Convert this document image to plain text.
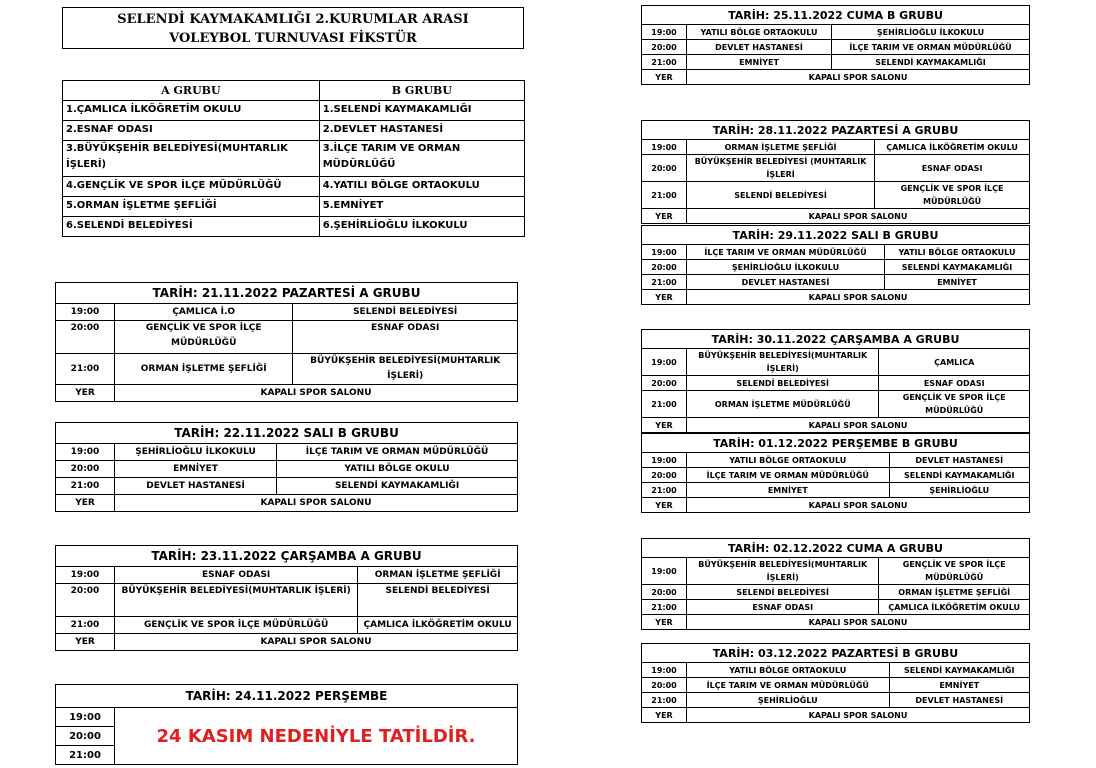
SELENDİ KAYMAKAMLIĞI 2.KURUMLAR ARASI
VOLEYBOL TURNUVASI FİKSTÜR
A GRUBU	B GRUBU
1.ÇAMLICA İLKÖĞRETİM OKULU	1.SELENDİ KAYMAKAMLIĞI
2.ESNAF ODASI	2.DEVLET HASTANESİ
3.BÜYÜKŞEHİR BELEDİYESİ(MUHTARLIK İŞLERİ)	3.İLÇE TARIM VE ORMAN MÜDÜRLÜĞÜ
4.GENÇLİK VE SPOR İLÇE MÜDÜRLÜĞÜ	4.YATILI BÖLGE ORTAOKULU
5.ORMAN İŞLETME ŞEFLİĞİ	5.EMNİYET
6.SELENDİ BELEDİYESİ	6.ŞEHİRLİOĞLU İLKOKULU
TARİH: 21.11.2022 PAZARTESİ A GRUBU		
19:00	ÇAMLICA İ.O	SELENDİ BELEDİYESİ
20:00	GENÇLİK VE SPOR İLÇE MÜDÜRLÜĞÜ	ESNAF ODASI
21:00	ORMAN İŞLETME ŞEFLİĞİ	BÜYÜKŞEHİR BELEDİYESİ(MUHTARLIK İŞLERİ)
YER	KAPALI SPOR SALONU	
TARİH: 22.11.2022 SALI B GRUBU		
19:00	ŞEHİRLİOĞLU İLKOKULU	İLÇE TARIM VE ORMAN MÜDÜRLÜĞÜ
20:00	EMNİYET	YATILI BÖLGE OKULU
21:00	DEVLET HASTANESİ	SELENDİ KAYMAKAMLIĞI
YER	KAPALI SPOR SALONU	
TARİH: 23.11.2022 ÇARŞAMBA A GRUBU		
19:00	ESNAF ODASI	ORMAN İŞLETME ŞEFLİĞİ
20:00	BÜYÜKŞEHİR BELEDİYESİ(MUHTARLIK İŞLERİ)	SELENDİ BELEDİYESİ
21:00	GENÇLİK VE SPOR İLÇE MÜDÜRLÜĞÜ	ÇAMLICA İLKÖĞRETİM OKULU
YER	KAPALI SPOR SALONU	
TARİH: 24.11.2022 PERŞEMBE
19:00	24 KASIM NEDENİYLE TATİLDİR.
20:00
21:00
TARİH: 25.11.2022 CUMA B GRUBU		
19:00	YATILI BÖLGE ORTAOKULU	ŞEHİRLİOĞLU İLKOKULU
20:00	DEVLET HASTANESİ	İLÇE TARIM VE ORMAN MÜDÜRLÜĞÜ
21:00	EMNİYET	SELENDİ KAYMAKAMLIĞI
YER	KAPALI SPOR SALONU	
TARİH: 28.11.2022 PAZARTESİ A GRUBU		
19:00	ORMAN İŞLETME ŞEFLİĞİ	ÇAMLICA İLKÖĞRETİM OKULU
20:00	BÜYÜKŞEHİR BELEDİYESİ (MUHTARLIK İŞLERİ	ESNAF ODASI
21:00	SELENDİ BELEDİYESİ	GENÇLİK VE SPOR İLÇE MÜDÜRLÜĞÜ
YER	KAPALI SPOR SALONU	
TARİH: 29.11.2022 SALI B GRUBU		
19:00	İLÇE TARIM VE ORMAN MÜDÜRLÜĞÜ	YATILI BÖLGE ORTAOKULU
20:00	ŞEHİRLİOĞLU İLKOKULU	SELENDİ KAYMAKAMLIĞI
21:00	DEVLET HASTANESİ	EMNİYET
YER	KAPALI SPOR SALONU	
TARİH: 30.11.2022 ÇARŞAMBA A GRUBU		
19:00	BÜYÜKŞEHİR BELEDİYESİ(MUHTARLIK İŞLERİ)	ÇAMLICA
20:00	SELENDİ BELEDİYESİ	ESNAF ODASI
21:00	ORMAN İŞLETME MÜDÜRLÜĞÜ	GENÇLİK VE SPOR İLÇE MÜDÜRLÜĞÜ
YER	KAPALI SPOR SALONU	
TARİH: 01.12.2022 PERŞEMBE B GRUBU		
19:00	YATILI BÖLGE ORTAOKULU	DEVLET HASTANESİ
20:00	İLÇE TARIM VE ORMAN MÜDÜRLÜĞÜ	SELENDİ KAYMAKAMLIĞI
21:00	EMNİYET	ŞEHİRLİOĞLU
YER	KAPALI SPOR SALONU	
TARİH: 02.12.2022 CUMA A GRUBU		
19:00	BÜYÜKŞEHİR BELEDİYESİ(MUHTARLIK İŞLERİ)	GENÇLİK VE SPOR İLÇE MÜDÜRLÜĞÜ
20:00	SELENDİ BELEDİYESİ	ORMAN İŞLETME ŞEFLİĞİ
21:00	ESNAF ODASI	ÇAMLICA İLKÖĞRETİM OKULU
YER	KAPALI SPOR SALONU	
TARİH: 03.12.2022 PAZARTESİ B GRUBU		
19:00	YATILI BÖLGE ORTAOKULU	SELENDİ KAYMAKAMLIĞI
20:00	İLÇE TARIM VE ORMAN MÜDÜRLÜĞÜ	EMNİYET
21:00	ŞEHİRLİOĞLU	DEVLET HASTANESİ
YER	KAPALI SPOR SALONU	
